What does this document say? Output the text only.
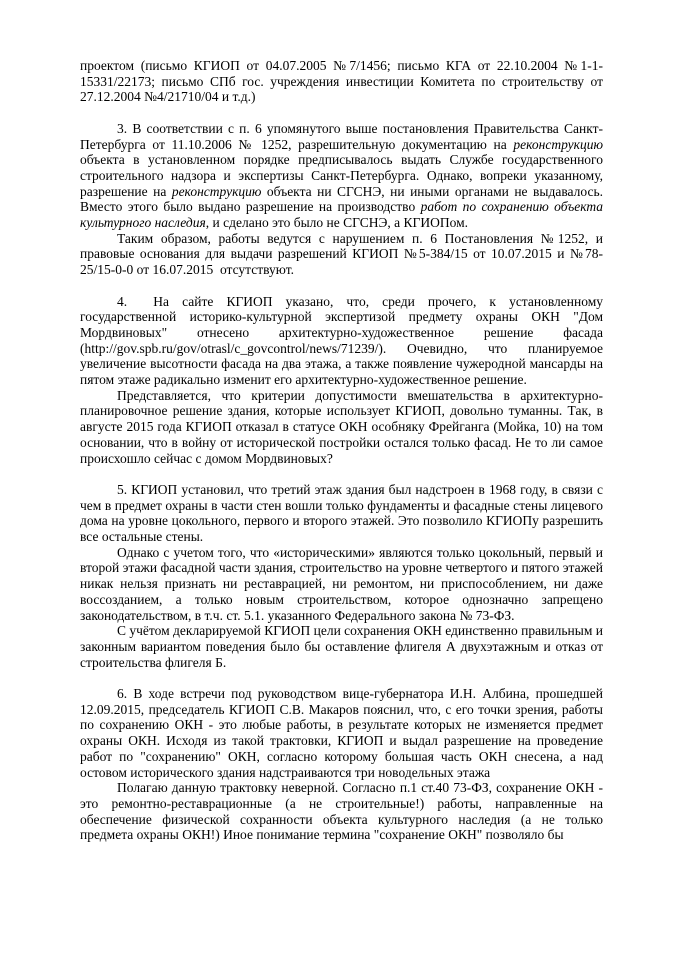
проектом (письмо КГИОП от 04.07.2005 №7/1456; письмо КГА от 22.10.2004 №1-1-15331/22173; письмо СПб гос. учреждения инвестиции Комитета по строительству от 27.12.2004 №4/21710/04 и т.д.)

3. В соответствии с п. 6 упомянутого выше постановления Правительства Санкт-Петербурга от 11.10.2006 № 1252, разрешительную документацию на реконструкцию объекта в установленном порядке предписывалось выдать Службе государственного строительного надзора и экспертизы Санкт-Петербурга. Однако, вопреки указанному, разрешение на реконструкцию объекта ни СГСНЭ, ни иными органами не выдавалось. Вместо этого было выдано разрешение на производство работ по сохранению объекта культурного наследия, и сделано это было не СГСНЭ, а КГИОПом.

Таким образом, работы ведутся с нарушением п. 6 Постановления №1252, и правовые основания для выдачи разрешений КГИОП №5-384/15 от 10.07.2015 и №78-25/15-0-0 от 16.07.2015  отсутствуют.

4.  На сайте КГИОП указано, что, среди прочего, к установленному государственной историко-культурной экспертизой предмету охраны ОКН "Дом Мордвиновых" отнесено архитектурно-художественное решение фасада (http://gov.spb.ru/gov/otrasl/c_govcontrol/news/71239/). Очевидно, что планируемое увеличение высотности фасада на два этажа, а также появление чужеродной мансарды на пятом этаже радикально изменит его архитектурно-художественное решение.

Представляется, что критерии допустимости вмешательства в архитектурно-планировочное решение здания, которые использует КГИОП, довольно туманны. Так, в августе 2015 года КГИОП отказал в статусе ОКН особняку Фрейганга (Мойка, 10) на том основании, что в войну от исторической постройки остался только фасад. Не то ли самое происхошло сейчас с домом Мордвиновых?

5. КГИОП установил, что третий этаж здания был надстроен в 1968 году, в связи с чем в предмет охраны в части стен вошли только фундаменты и фасадные стены лицевого дома на уровне цокольного, первого и второго этажей. Это позволило КГИОПу разрешить все остальные стены.

Однако с учетом того, что «историческими» являются только цокольный, первый и второй этажи фасадной части здания, строительство на уровне четвертого и пятого этажей никак нельзя признать ни реставрацией, ни ремонтом, ни приспособлением, ни даже воссозданием, а только новым строительством, которое однозначно запрещено законодательством, в т.ч. ст. 5.1. указанного Федерального закона № 73-ФЗ.

С учётом декларируемой КГИОП цели сохранения ОКН единственно правильным и законным вариантом поведения было бы оставление флигеля А двухэтажным и отказ от строительства флигеля Б.

6. В ходе встречи под руководством вице-губернатора И.Н. Албина, прошедшей 12.09.2015, председатель КГИОП С.В. Макаров пояснил, что, с его точки зрения, работы по сохранению ОКН - это любые работы, в результате которых не изменяется предмет охраны ОКН. Исходя из такой трактовки, КГИОП и выдал разрешение на проведение работ по "сохранению" ОКН, согласно которому большая часть ОКН снесена, а над остовом исторического здания надстраиваются три новодельных этажа

Полагаю данную трактовку неверной. Согласно п.1 ст.40 73-ФЗ, сохранение ОКН - это ремонтно-реставрационные (а не строительные!) работы, направленные на обеспечение физической сохранности объекта культурного наследия (а не только предмета охраны ОКН!) Иное понимание термина "сохранение ОКН" позволяло бы
